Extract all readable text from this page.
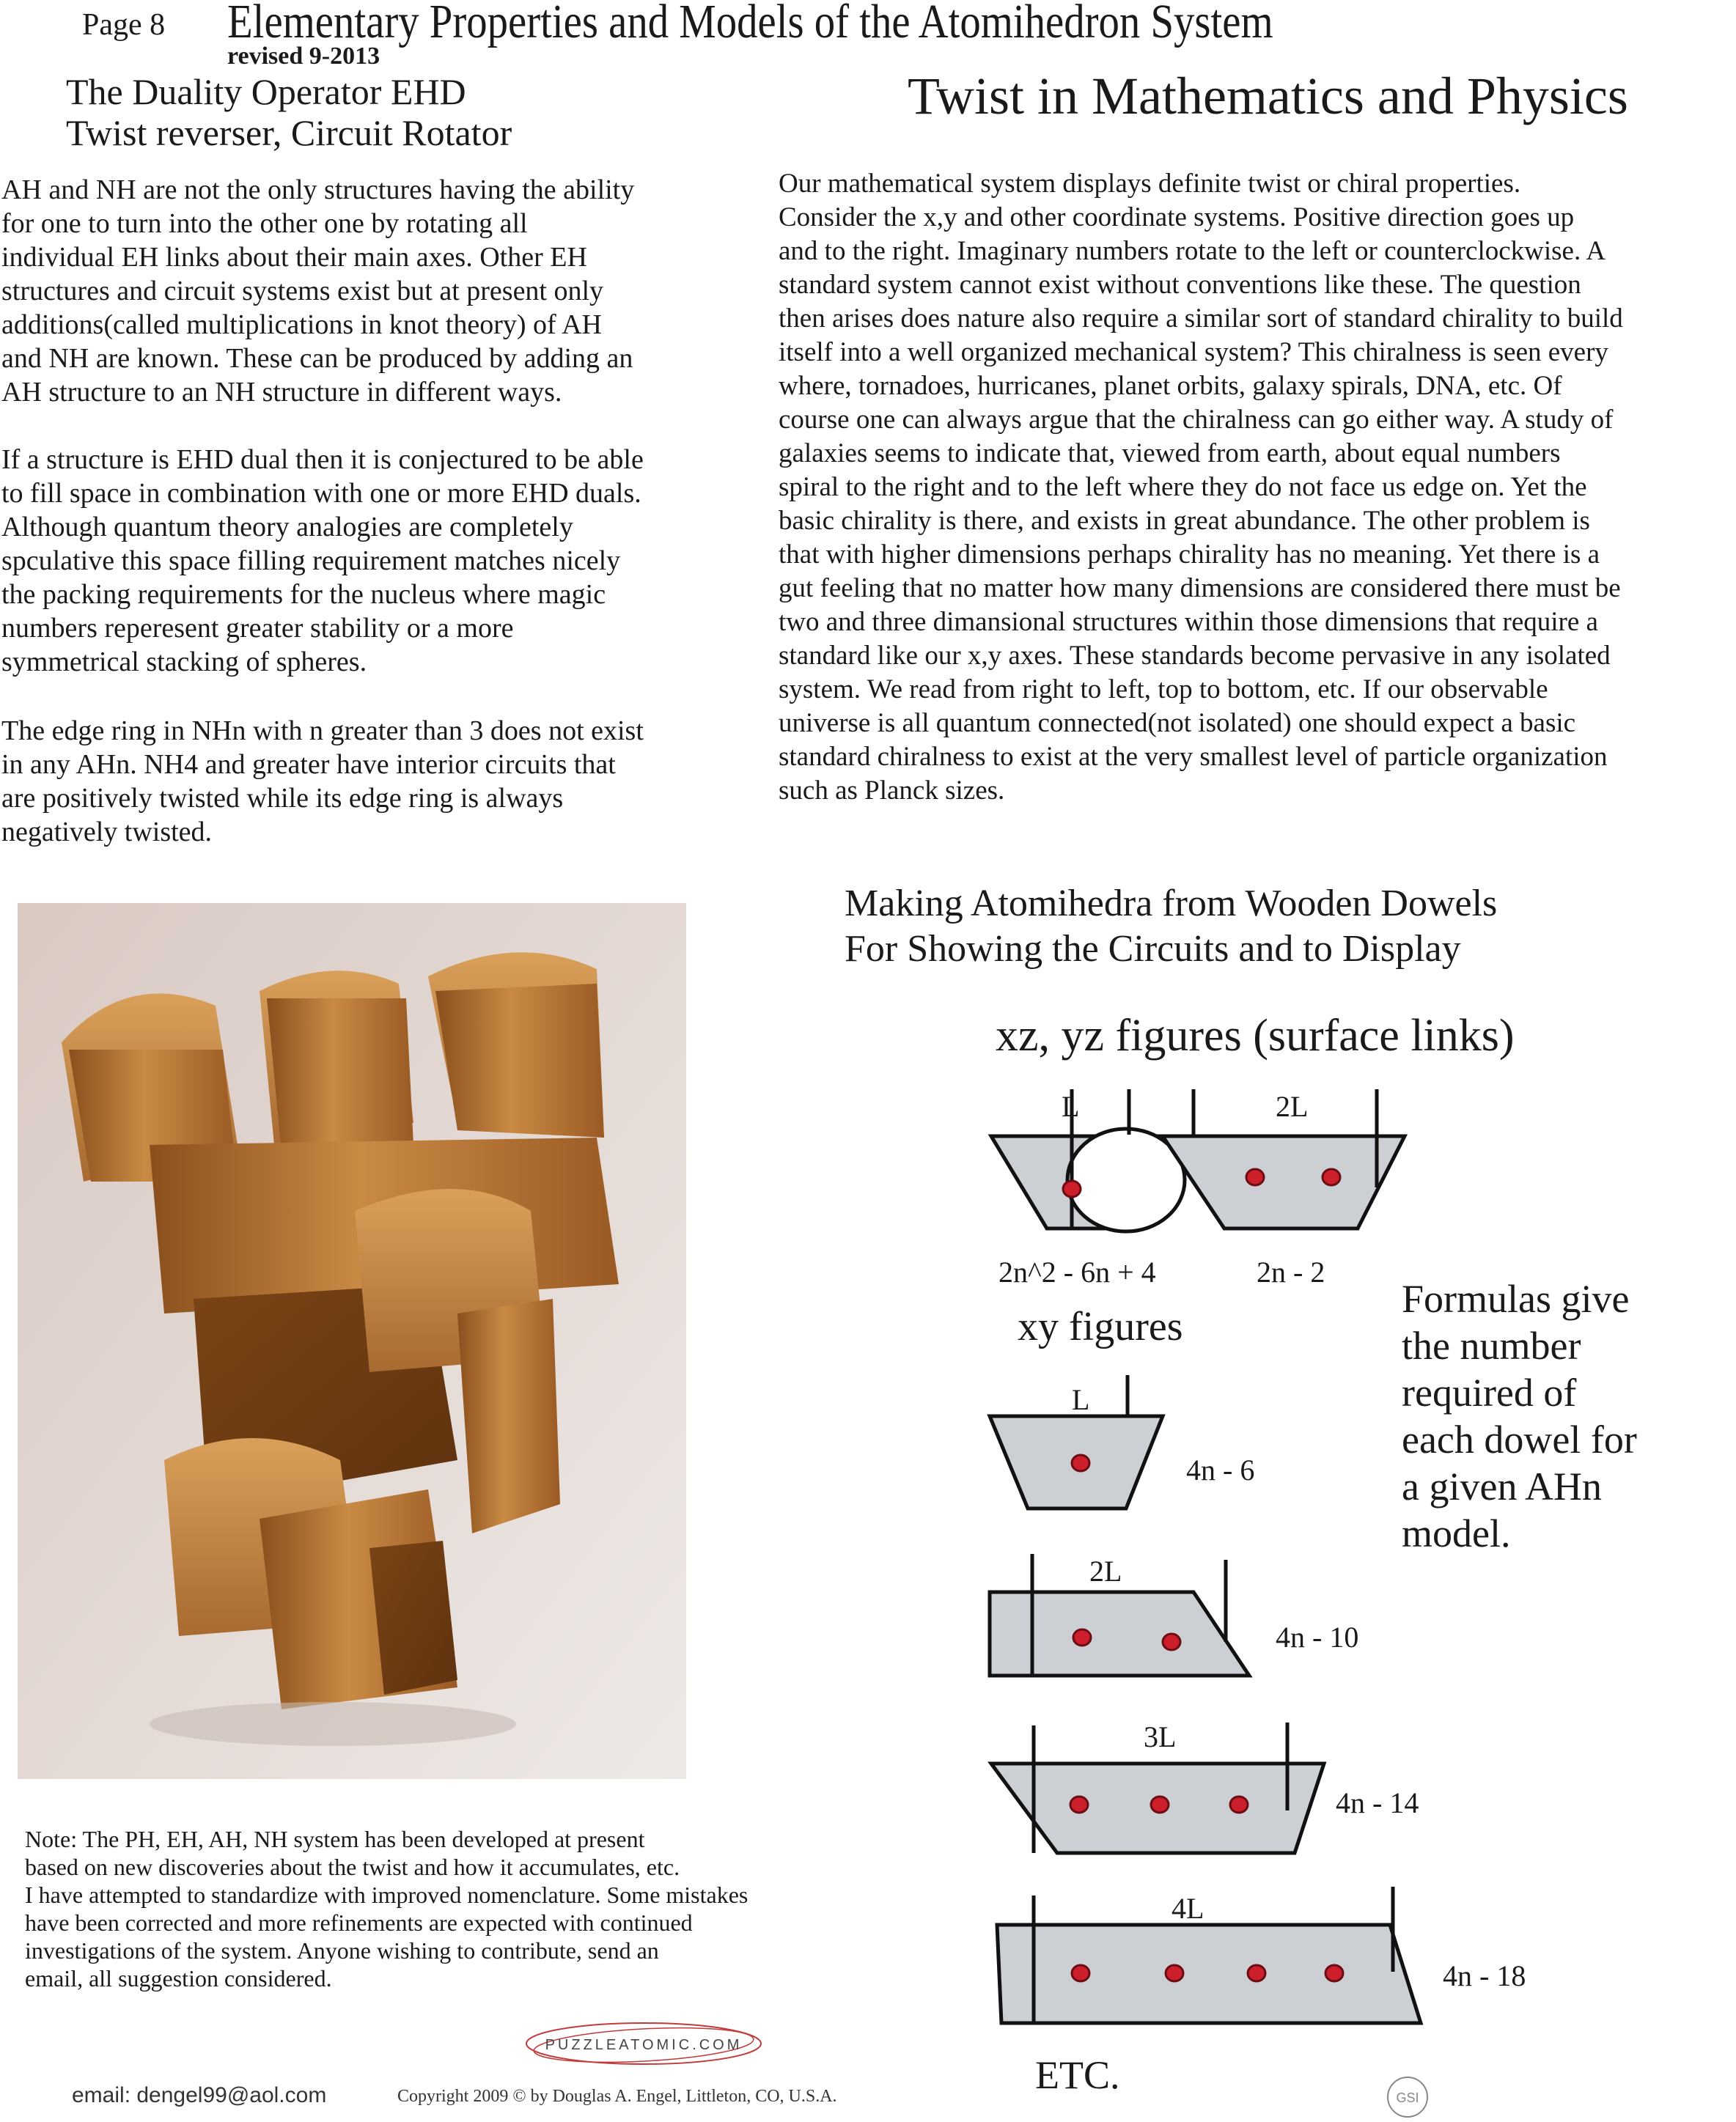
Page 8 Elementary Properties and Models of the Atomihedron System
revised 9-2013
The Duality Operator EHD
Twist reverser, Circuit Rotator

AH and NH are not the only structures having the ability

for one to turn into the other one by rotating all

individual EH links about their main axes. Other EH

structures and circuit systems exist but at present only

additions(called multiplications in knot theory) of AH

and NH are known. These can be produced by adding an

AH structure to an NH structure in different ways.

If a structure is EHD dual then it is conjectured to be able

to fill space in combination with one or more EHD duals.

Although quantum theory analogies are completely

spculative this space filling requirement matches nicely

the packing requirements for the nucleus where magic

numbers reperesent greater stability or a more

symmetrical stacking of spheres.

The edge ring in NHn with n greater than 3 does not exist

in any AHn. NH4 and greater have interior circuits that

are positively twisted while its edge ring is always

negatively twisted.

Twist in Mathematics and Physics

Our mathematical system displays definite twist or chiral properties.

Consider the x,y and other coordinate systems. Positive direction goes up

and to the right. Imaginary numbers rotate to the left or counterclockwise. A

standard system cannot exist without conventions like these. The question

then arises does nature also require a similar sort of standard chirality to build

itself into a well organized mechanical system? This chiralness is seen every

where, tornadoes, hurricanes, planet orbits, galaxy spirals, DNA, etc. Of

course one can always argue that the chiralness can go either way. A study of

galaxies seems to indicate that, viewed from earth, about equal numbers

spiral to the right and to the left where they do not face us edge on. Yet the

basic chirality is there, and exists in great abundance. The other problem is

that with higher dimensions perhaps chirality has no meaning. Yet there is a

gut feeling that no matter how many dimensions are considered there must be

two and three dimansional structures within those dimensions that require a

standard like our x,y axes. These standards become pervasive in any isolated

system. We read from right to left, top to bottom, etc. If our observable

universe is all quantum connected(not isolated) one should expect a basic

standard chiralness to exist at the very smallest level of particle organization

such as Planck sizes.

Making Atomihedra from Wooden Dowels
For Showing the Circuits and to Display
xz, yz figures (surface links)
L	2L
2n^2 - 6n + 4	2n - 2
xy figures
L
4n - 6
2L
4n - 10
3L
4n - 14
4L
4n - 18
Formulas give
the number
required of
each dowel for
a given AHn
model.
ETC.
Note: The PH, EH, AH, NH system has been developed at present
based on new discoveries about the twist and how it accumulates, etc.
I have attempted to standardize with improved nomenclature. Some mistakes
have been corrected and more refinements are expected with continued
investigations of the system. Anyone wishing to contribute, send an
email, all suggestion considered.
PUZZLEATOMIC.COM
email: dengel99@aol.com	Copyright 2009 © by Douglas A. Engel, Littleton, CO, U.S.A.	GSI
